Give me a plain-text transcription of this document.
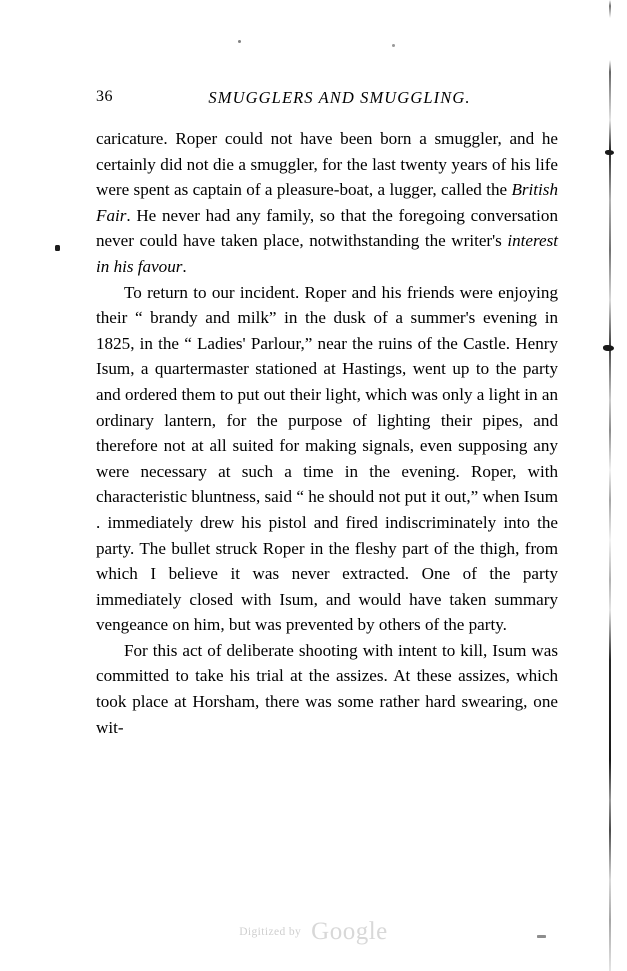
36	SMUGGLERS AND SMUGGLING.

caricature. Roper could not have been born a smuggler, and he certainly did not die a smuggler, for the last twenty years of his life were spent as captain of a pleasure-boat, a lugger, called the British Fair. He never had any family, so that the foregoing conversation never could have taken place, notwithstanding the writer's interest in his favour.

To return to our incident. Roper and his friends were enjoying their “ brandy and milk” in the dusk of a summer's evening in 1825, in the “ Ladies' Parlour,” near the ruins of the Castle. Henry Isum, a quartermaster stationed at Hastings, went up to the party and ordered them to put out their light, which was only a light in an ordinary lantern, for the purpose of lighting their pipes, and therefore not at all suited for making signals, even supposing any were necessary at such a time in the evening. Roper, with characteristic bluntness, said “ he should not put it out,” when Isum . immediately drew his pistol and fired indiscriminately into the party. The bullet struck Roper in the fleshy part of the thigh, from which I believe it was never extracted. One of the party immediately closed with Isum, and would have taken summary vengeance on him, but was prevented by others of the party.

For this act of deliberate shooting with intent to kill, Isum was committed to take his trial at the assizes. At these assizes, which took place at Horsham, there was some rather hard swearing, one wit-

Digitized by Google
